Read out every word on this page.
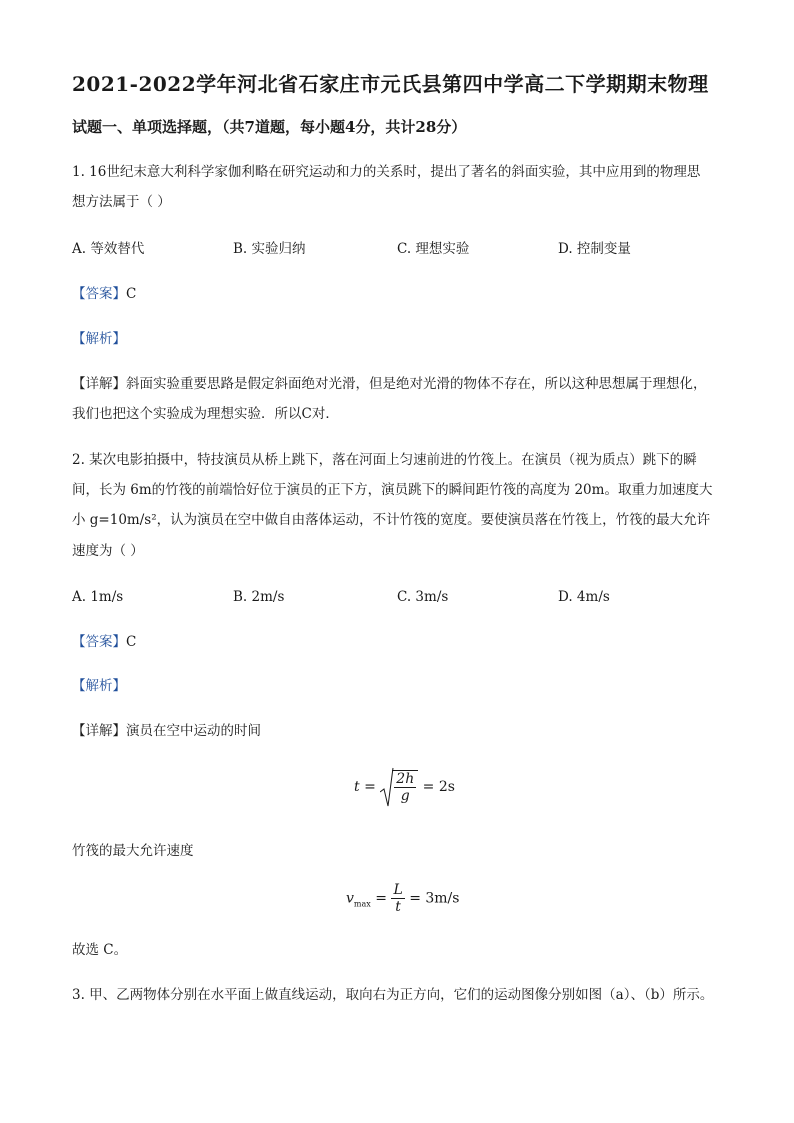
2021-2022学年河北省石家庄市元氏县第四中学高二下学期期末物理
试题一、单项选择题，（共7道题，每小题4分，共计28分）
1. 16世纪末意大利科学家伽利略在研究运动和力的关系时，提出了著名的斜面实验，其中应用到的物理思
想方法属于（ ）
A. 等效替代	B. 实验归纳	C. 理想实验	D. 控制变量
【答案】C
【解析】
【详解】斜面实验重要思路是假定斜面绝对光滑，但是绝对光滑的物体不存在，所以这种思想属于理想化，
我们也把这个实验成为理想实验．所以C对．
2. 某次电影拍摄中，特技演员从桥上跳下，落在河面上匀速前进的竹筏上。在演员（视为质点）跳下的瞬
间，长为 6m的竹筏的前端恰好位于演员的正下方，演员跳下的瞬间距竹筏的高度为 20m。取重力加速度大
小 g=10m/s²，认为演员在空中做自由落体运动，不计竹筏的宽度。要使演员落在竹筏上，竹筏的最大允许
速度为（ ）
A. 1m/s	B. 2m/s	C. 3m/s	D. 4m/s
【答案】C
【解析】
【详解】演员在空中运动的时间
$t = \frac{2h}{g} = 2s$
竹筏的最大允许速度
$v_{max} = \frac{L}{t} = 3m/s$
故选 C。
3. 甲、乙两物体分别在水平面上做直线运动，取向右为正方向，它们的运动图像分别如图（a）、（b）所示。
